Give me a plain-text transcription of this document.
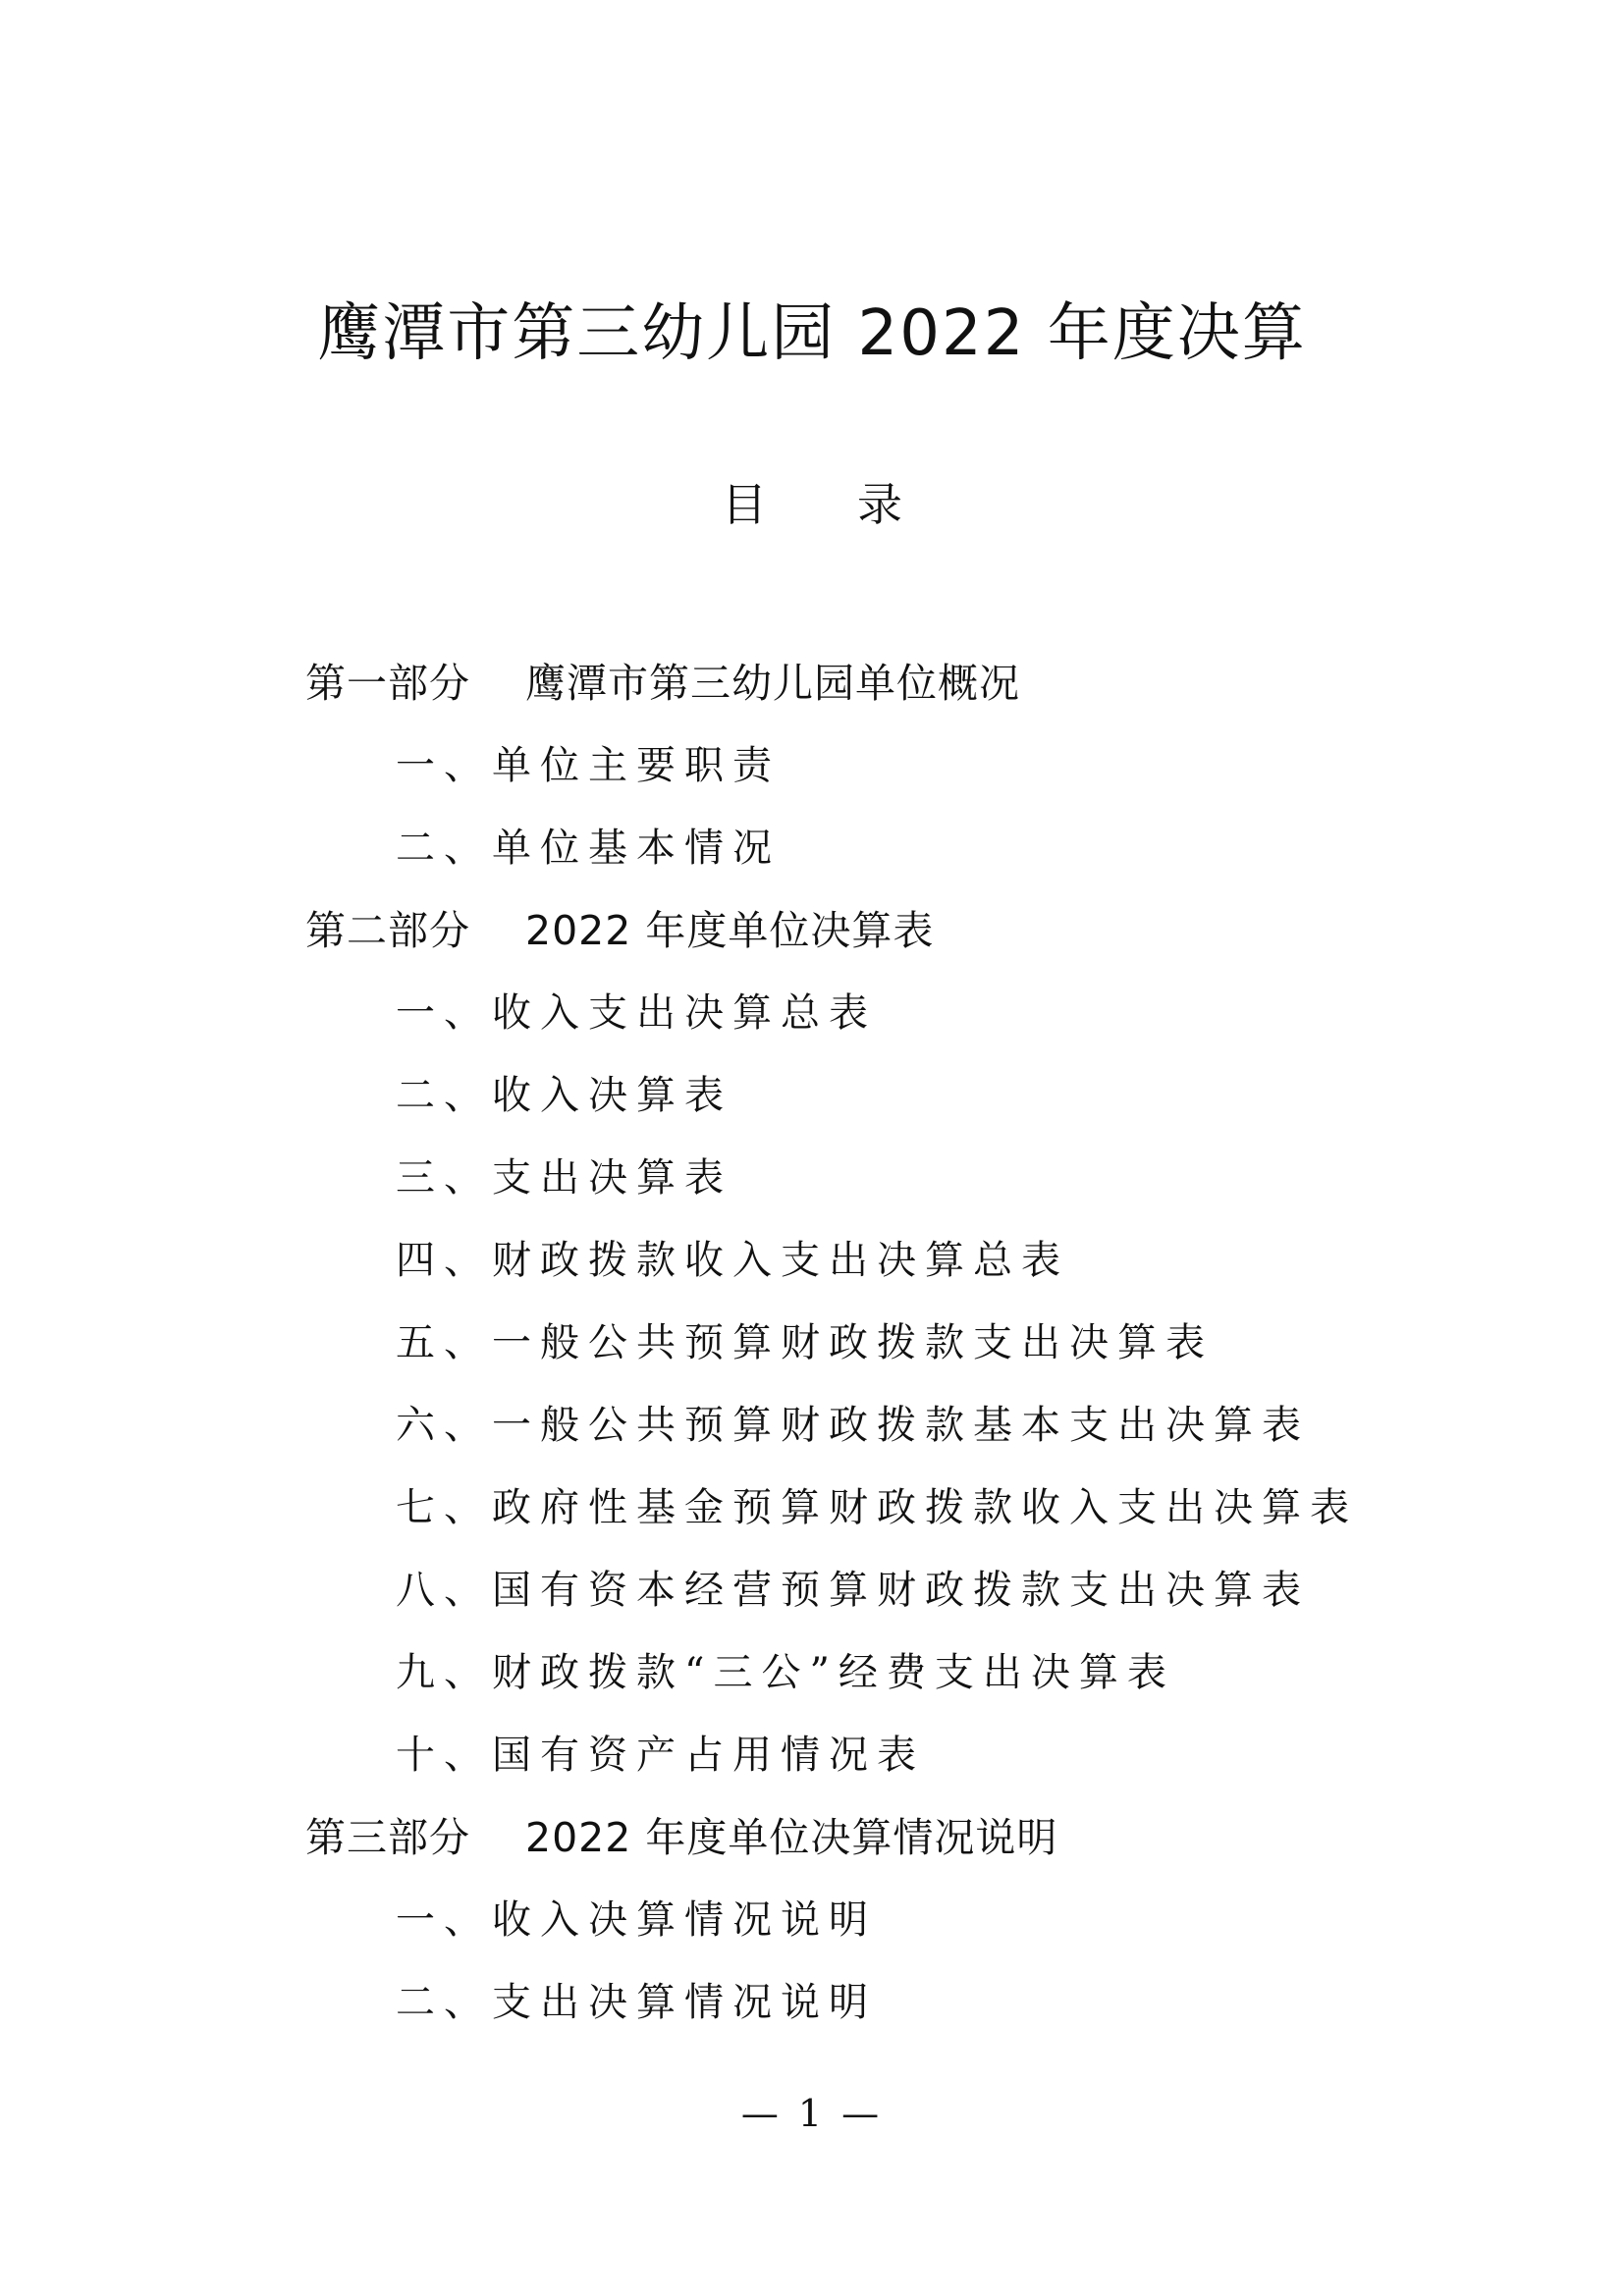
鹰潭市第三幼儿园 2022 年度决算
目录
第一部分	鹰潭市第三幼儿园单位概况
一、单位主要职责
二、单位基本情况
第二部分	2022 年度单位决算表
一、收入支出决算总表
二、收入决算表
三、支出决算表
四、财政拨款收入支出决算总表
五、一般公共预算财政拨款支出决算表
六、一般公共预算财政拨款基本支出决算表
七、政府性基金预算财政拨款收入支出决算表
八、国有资本经营预算财政拨款支出决算表
九、财政拨款“三公”经费支出决算表
十、国有资产占用情况表
第三部分	2022 年度单位决算情况说明
一、收入决算情况说明
二、支出决算情况说明
— 1 —
